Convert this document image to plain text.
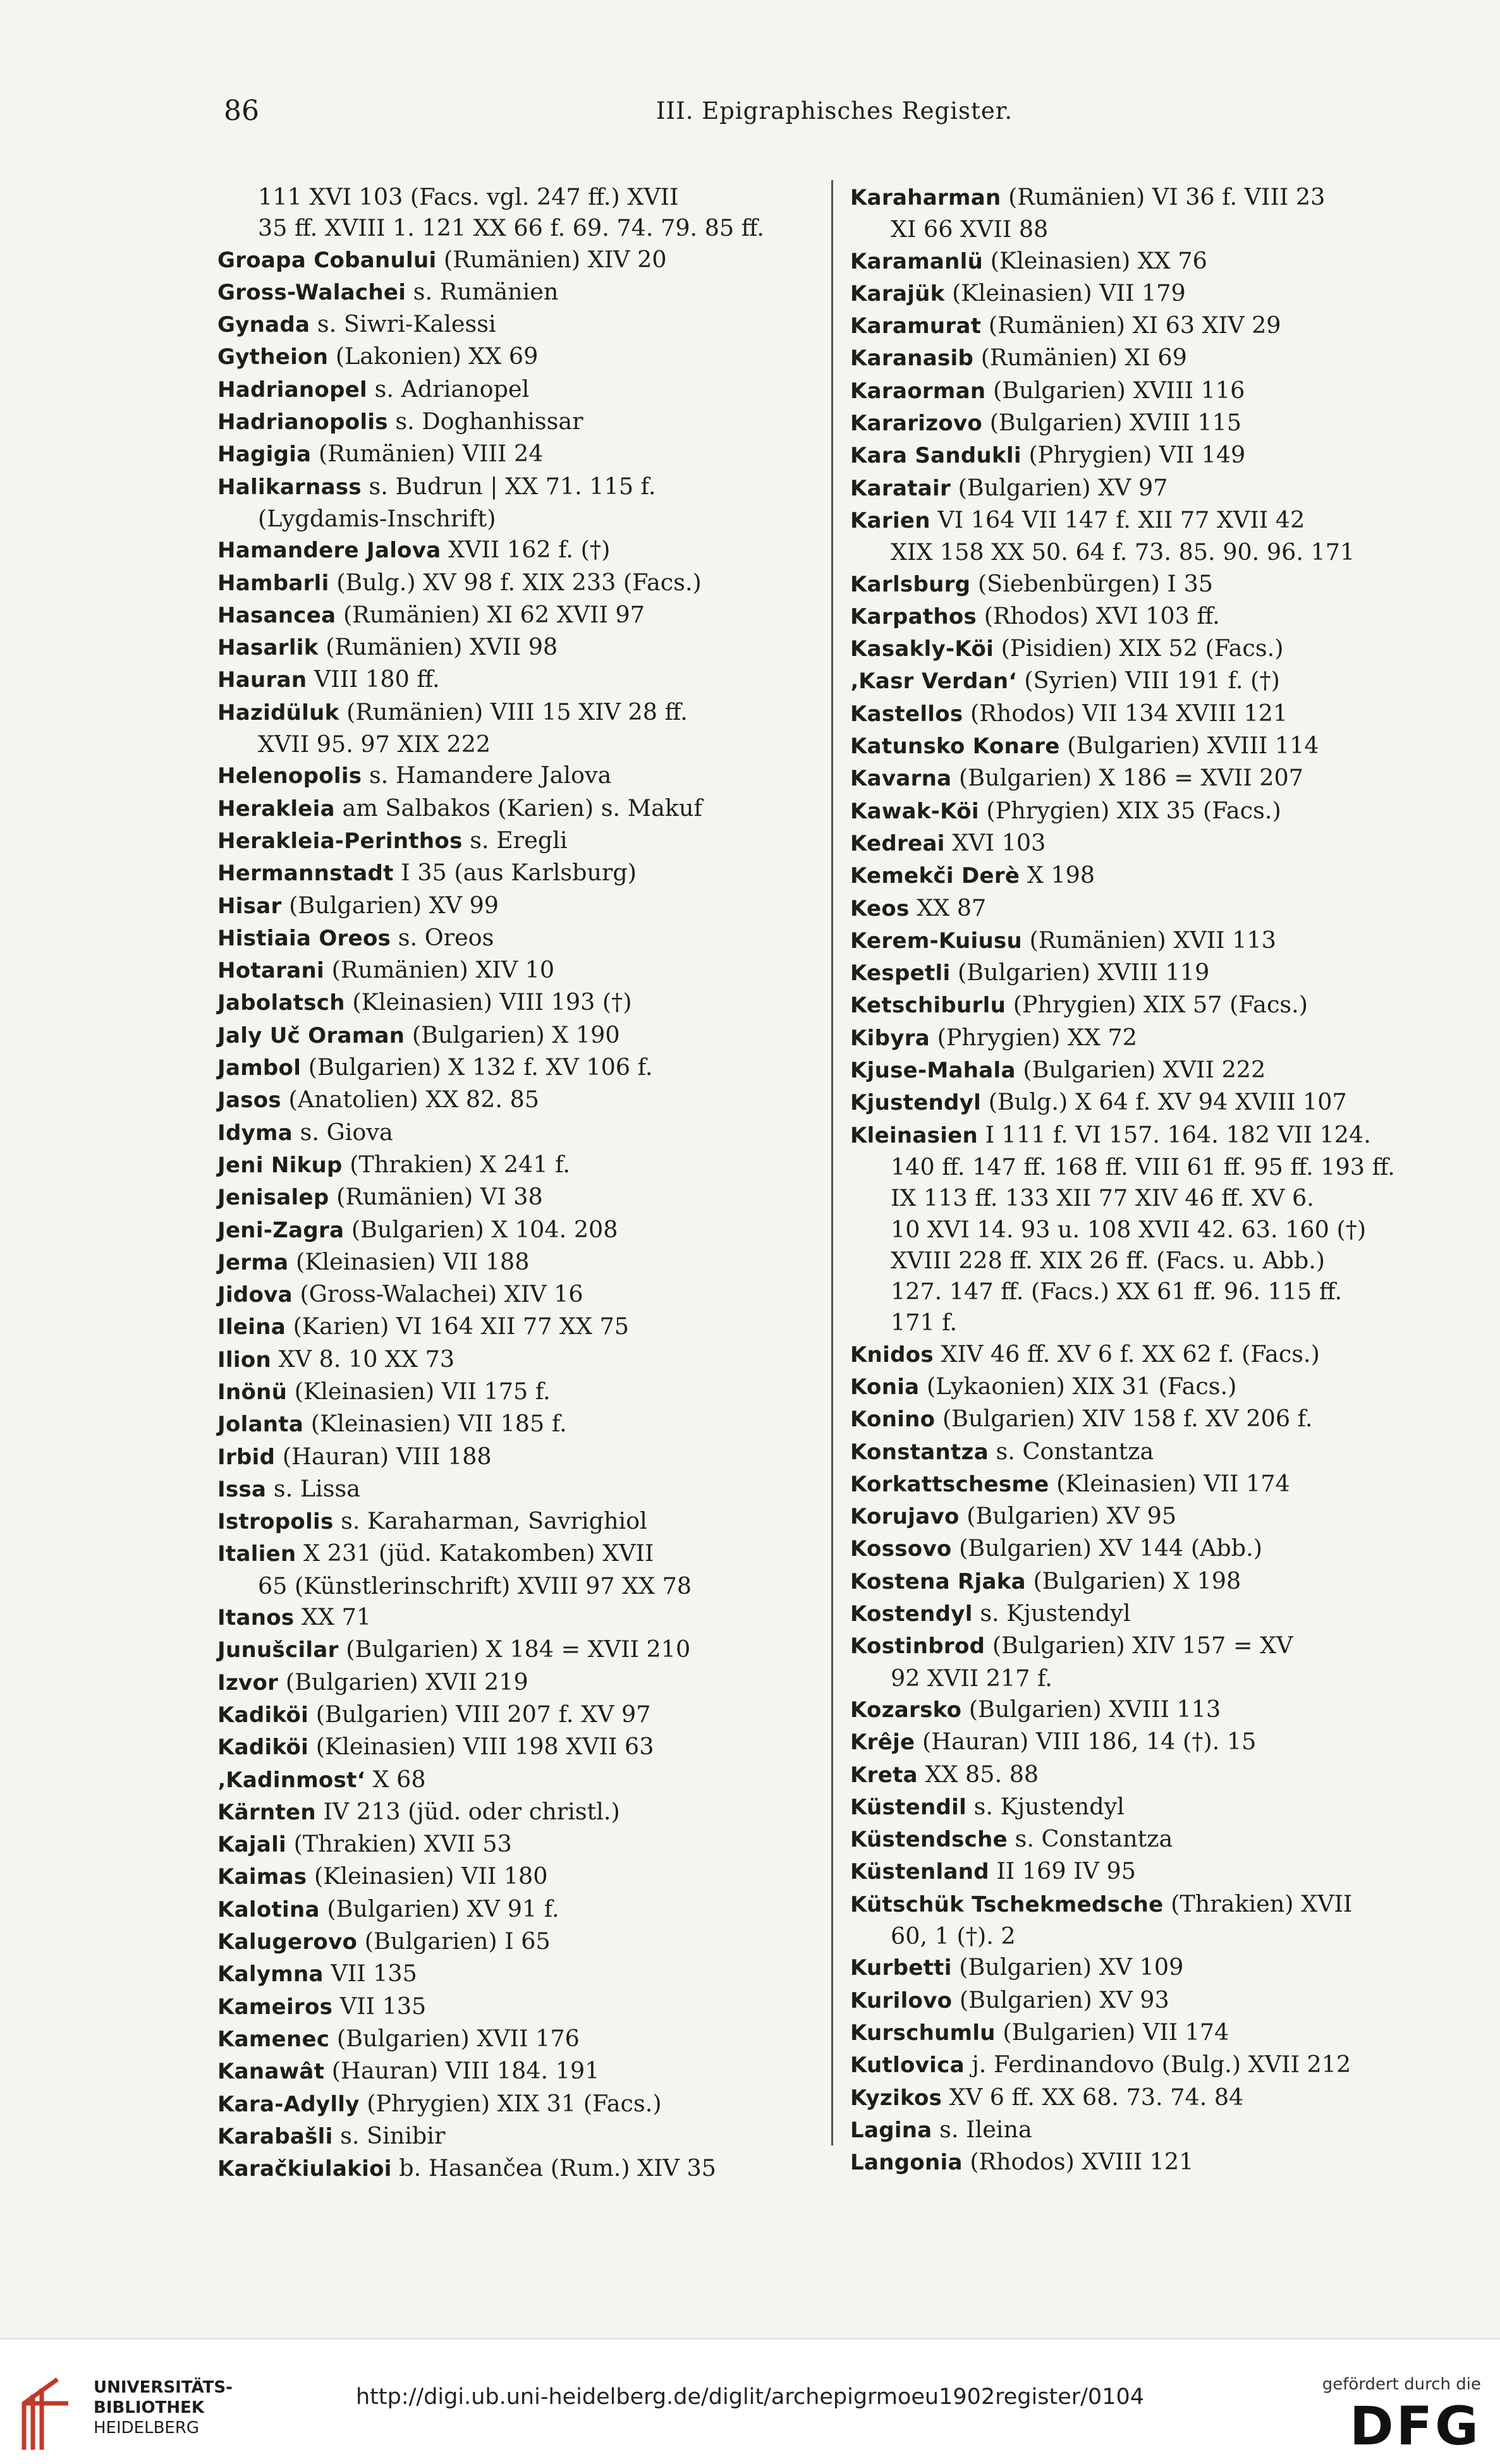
86	III. Epigraphisches Register.
111 XVI 103 (Facs. vgl. 247 ff.) XVII
35 ff. XVIII 1. 121 XX 66 f. 69. 74. 79. 85 ff.
Groapa Cobanului (Rumänien) XIV 20
Gross-Walachei s. Rumänien
Gynada s. Siwri-Kalessi
Gytheion (Lakonien) XX 69
Hadrianopel s. Adrianopel
Hadrianopolis s. Doghanhissar
Hagigia (Rumänien) VIII 24
Halikarnass s. Budrun | XX 71. 115 f.
(Lygdamis-Inschrift)
Hamandere Jalova XVII 162 f. (†)
Hambarli (Bulg.) XV 98 f. XIX 233 (Facs.)
Hasancea (Rumänien) XI 62 XVII 97
Hasarlik (Rumänien) XVII 98
Hauran VIII 180 ff.
Hazidüluk (Rumänien) VIII 15 XIV 28 ff.
XVII 95. 97 XIX 222
Helenopolis s. Hamandere Jalova
Herakleia am Salbakos (Karien) s. Makuf
Herakleia-Perinthos s. Eregli
Hermannstadt I 35 (aus Karlsburg)
Hisar (Bulgarien) XV 99
Histiaia Oreos s. Oreos
Hotarani (Rumänien) XIV 10
Jabolatsch (Kleinasien) VIII 193 (†)
Jaly Uč Oraman (Bulgarien) X 190
Jambol (Bulgarien) X 132 f. XV 106 f.
Jasos (Anatolien) XX 82. 85
Idyma s. Giova
Jeni Nikup (Thrakien) X 241 f.
Jenisalep (Rumänien) VI 38
Jeni-Zagra (Bulgarien) X 104. 208
Jerma (Kleinasien) VII 188
Jidova (Gross-Walachei) XIV 16
Ileina (Karien) VI 164 XII 77 XX 75
Ilion XV 8. 10 XX 73
Inönü (Kleinasien) VII 175 f.
Jolanta (Kleinasien) VII 185 f.
Irbid (Hauran) VIII 188
Issa s. Lissa
Istropolis s. Karaharman, Savrighiol
Italien X 231 (jüd. Katakomben) XVII
65 (Künstlerinschrift) XVIII 97 XX 78
Itanos XX 71
Junušcilar (Bulgarien) X 184 = XVII 210
Izvor (Bulgarien) XVII 219
Kadiköi (Bulgarien) VIII 207 f. XV 97
Kadiköi (Kleinasien) VIII 198 XVII 63
‚Kadinmost‘ X 68
Kärnten IV 213 (jüd. oder christl.)
Kajali (Thrakien) XVII 53
Kaimas (Kleinasien) VII 180
Kalotina (Bulgarien) XV 91 f.
Kalugerovo (Bulgarien) I 65
Kalymna VII 135
Kameiros VII 135
Kamenec (Bulgarien) XVII 176
Kanawât (Hauran) VIII 184. 191
Kara-Adylly (Phrygien) XIX 31 (Facs.)
Karabašli s. Sinibir
Karačkiulakioi b. Hasančea (Rum.) XIV 35
Karaharman (Rumänien) VI 36 f. VIII 23
XI 66 XVII 88
Karamanlü (Kleinasien) XX 76
Karajük (Kleinasien) VII 179
Karamurat (Rumänien) XI 63 XIV 29
Karanasib (Rumänien) XI 69
Karaorman (Bulgarien) XVIII 116
Kararizovo (Bulgarien) XVIII 115
Kara Sandukli (Phrygien) VII 149
Karatair (Bulgarien) XV 97
Karien VI 164 VII 147 f. XII 77 XVII 42
XIX 158 XX 50. 64 f. 73. 85. 90. 96. 171
Karlsburg (Siebenbürgen) I 35
Karpathos (Rhodos) XVI 103 ff.
Kasakly-Köi (Pisidien) XIX 52 (Facs.)
‚Kasr Verdan‘ (Syrien) VIII 191 f. (†)
Kastellos (Rhodos) VII 134 XVIII 121
Katunsko Konare (Bulgarien) XVIII 114
Kavarna (Bulgarien) X 186 = XVII 207
Kawak-Köi (Phrygien) XIX 35 (Facs.)
Kedreai XVI 103
Kemekči Derè X 198
Keos XX 87
Kerem-Kuiusu (Rumänien) XVII 113
Kespetli (Bulgarien) XVIII 119
Ketschiburlu (Phrygien) XIX 57 (Facs.)
Kibyra (Phrygien) XX 72
Kjuse-Mahala (Bulgarien) XVII 222
Kjustendyl (Bulg.) X 64 f. XV 94 XVIII 107
Kleinasien I 111 f. VI 157. 164. 182 VII 124.
140 ff. 147 ff. 168 ff. VIII 61 ff. 95 ff. 193 ff.
IX 113 ff. 133 XII 77 XIV 46 ff. XV 6.
10 XVI 14. 93 u. 108 XVII 42. 63. 160 (†)
XVIII 228 ff. XIX 26 ff. (Facs. u. Abb.)
127. 147 ff. (Facs.) XX 61 ff. 96. 115 ff.
171 f.
Knidos XIV 46 ff. XV 6 f. XX 62 f. (Facs.)
Konia (Lykaonien) XIX 31 (Facs.)
Konino (Bulgarien) XIV 158 f. XV 206 f.
Konstantza s. Constantza
Korkattschesme (Kleinasien) VII 174
Korujavo (Bulgarien) XV 95
Kossovo (Bulgarien) XV 144 (Abb.)
Kostena Rjaka (Bulgarien) X 198
Kostendyl s. Kjustendyl
Kostinbrod (Bulgarien) XIV 157 = XV
92 XVII 217 f.
Kozarsko (Bulgarien) XVIII 113
Krêje (Hauran) VIII 186, 14 (†). 15
Kreta XX 85. 88
Küstendil s. Kjustendyl
Küstendsche s. Constantza
Küstenland II 169 IV 95
Kütschük Tschekmedsche (Thrakien) XVII
60, 1 (†). 2
Kurbetti (Bulgarien) XV 109
Kurilovo (Bulgarien) XV 93
Kurschumlu (Bulgarien) VII 174
Kutlovica j. Ferdinandovo (Bulg.) XVII 212
Kyzikos XV 6 ff. XX 68. 73. 74. 84
Lagina s. Ileina
Langonia (Rhodos) XVIII 121
UNIVERSITÄTS-
BIBLIOTHEK
HEIDELBERG
http://digi.ub.uni-heidelberg.de/diglit/archepigrmoeu1902register/0104	gefördert durch die
DFG
